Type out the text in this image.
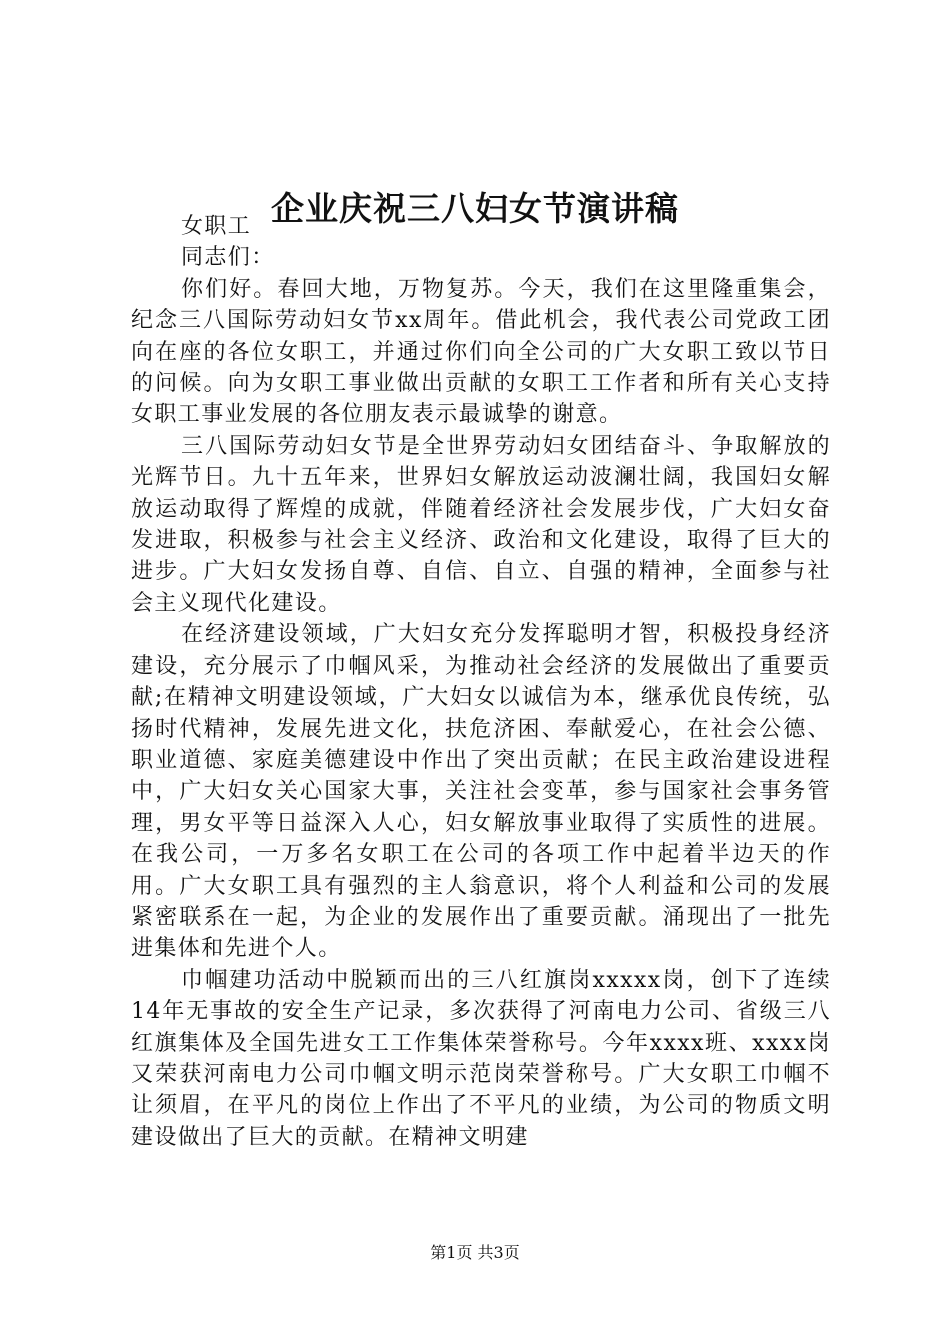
企业庆祝三八妇女节演讲稿

女职工

同志们：

你们好。春回大地，万物复苏。今天，我们在这里隆重集会，纪念三八国际劳动妇女节xx周年。借此机会，我代表公司党政工团向在座的各位女职工，并通过你们向全公司的广大女职工致以节日的问候。向为女职工事业做出贡献的女职工工作者和所有关心支持女职工事业发展的各位朋友表示最诚挚的谢意。

三八国际劳动妇女节是全世界劳动妇女团结奋斗、争取解放的光辉节日。九十五年来，世界妇女解放运动波澜壮阔，我国妇女解放运动取得了辉煌的成就，伴随着经济社会发展步伐，广大妇女奋发进取，积极参与社会主义经济、政治和文化建设，取得了巨大的进步。广大妇女发扬自尊、自信、自立、自强的精神，全面参与社会主义现代化建设。

在经济建设领域，广大妇女充分发挥聪明才智，积极投身经济建设，充分展示了巾帼风采，为推动社会经济的发展做出了重要贡献;在精神文明建设领域，广大妇女以诚信为本，继承优良传统，弘扬时代精神，发展先进文化，扶危济困、奉献爱心，在社会公德、职业道德、家庭美德建设中作出了突出贡献；在民主政治建设进程中，广大妇女关心国家大事，关注社会变革，参与国家社会事务管理，男女平等日益深入人心，妇女解放事业取得了实质性的进展。在我公司，一万多名女职工在公司的各项工作中起着半边天的作用。广大女职工具有强烈的主人翁意识，将个人利益和公司的发展紧密联系在一起，为企业的发展作出了重要贡献。涌现出了一批先进集体和先进个人。

巾帼建功活动中脱颖而出的三八红旗岗xxxxx岗，创下了连续14年无事故的安全生产记录，多次获得了河南电力公司、省级三八红旗集体及全国先进女工工作集体荣誉称号。今年xxxx班、xxxx岗又荣获河南电力公司巾帼文明示范岗荣誉称号。广大女职工巾帼不让须眉，在平凡的岗位上作出了不平凡的业绩，为公司的物质文明建设做出了巨大的贡献。在精神文明建

第1页 共3页
